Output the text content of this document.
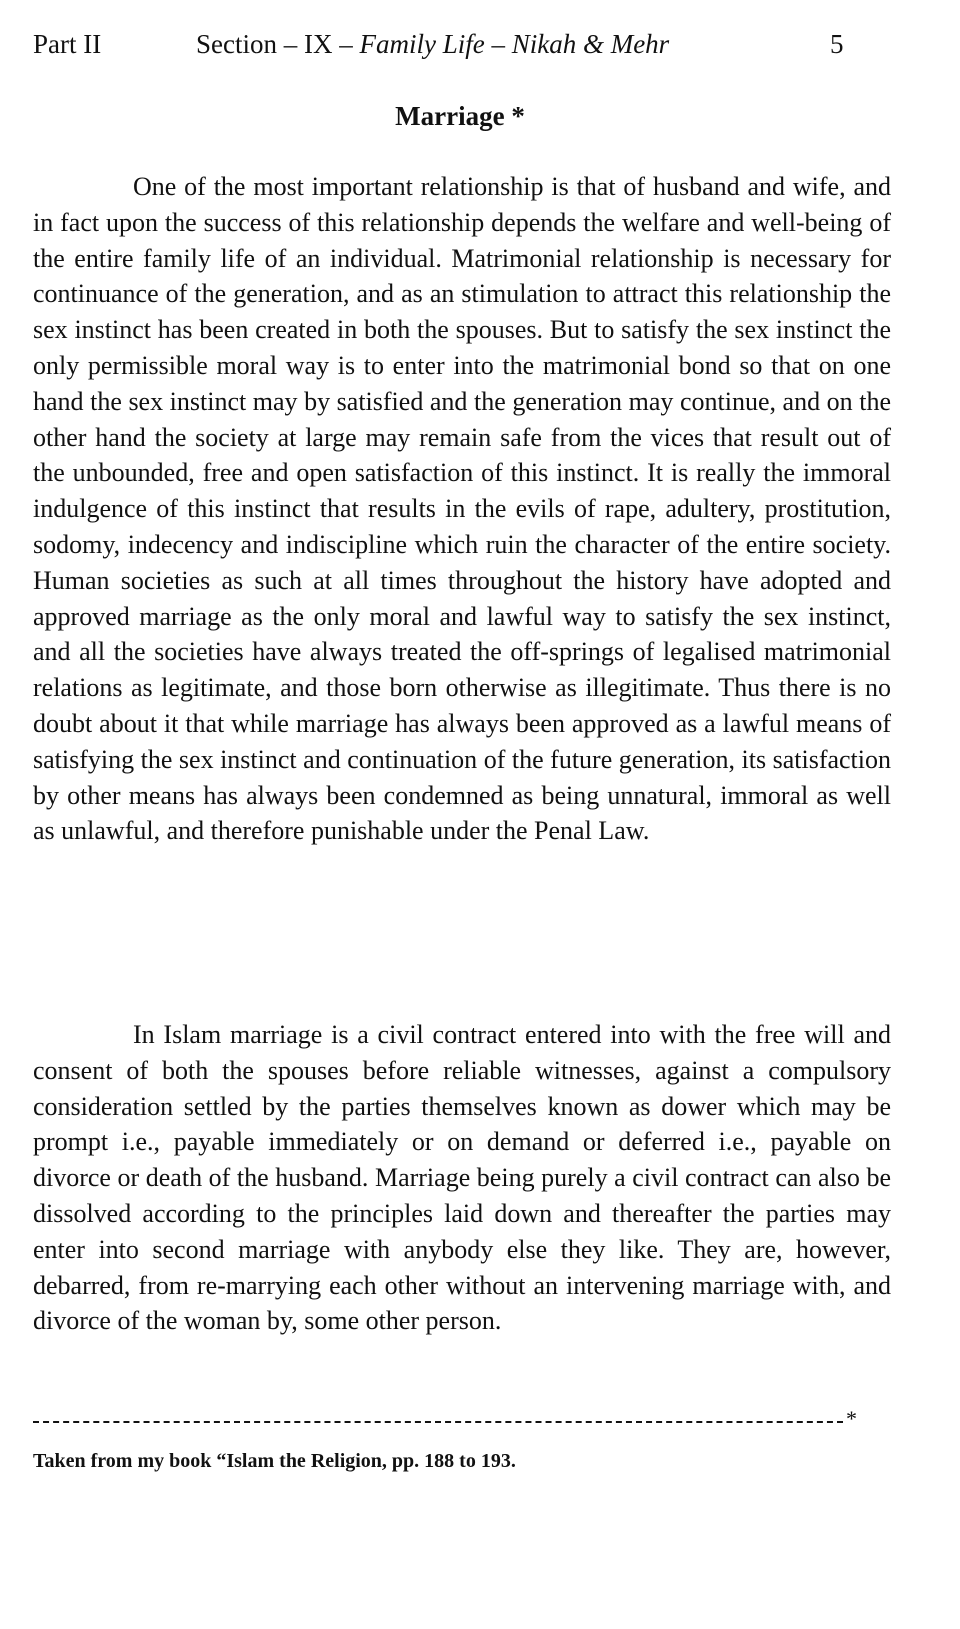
Part II	Section – IX – Family Life – Nikah & Mehr	5
Marriage *

One of the most important relationship is that of husband and wife, and in fact upon the success of this relationship depends the welfare and well-being of the entire family life of an individual. Matrimonial relationship is necessary for continuance of the generation, and as an stimulation to attract this relationship the sex instinct has been created in both the spouses. But to satisfy the sex instinct the only permissible moral way is to enter into the matrimonial bond so that on one hand the sex instinct may by satisfied and the generation may continue, and on the other hand the society at large may remain safe from the vices that result out of the unbounded, free and open satisfaction of this instinct. It is really the immoral indulgence of this instinct that results in the evils of rape, adultery, prostitution, sodomy, indecency and indiscipline which ruin the character of the entire society. Human societies as such at all times throughout the history have adopted and approved marriage as the only moral and lawful way to satisfy the sex instinct, and all the societies have always treated the off-springs of legalised matrimonial relations as legitimate, and those born otherwise as illegitimate. Thus there is no doubt about it that while marriage has always been approved as a lawful means of satisfying the sex instinct and continuation of the future generation, its satisfaction by other means has always been condemned as being unnatural, immoral as well as unlawful, and therefore punishable under the Penal Law.

In Islam marriage is a civil contract entered into with the free will and consent of both the spouses before reliable witnesses, against a compulsory consideration settled by the parties themselves known as dower which may be prompt i.e., payable immediately or on demand or deferred i.e., payable on divorce or death of the husband. Marriage being purely a civil contract can also be dissolved according to the principles laid down and thereafter the parties may enter into second marriage with anybody else they like. They are, however, debarred, from re-marrying each other without an intervening marriage with, and divorce of the woman by, some other person.

*
Taken from my book “Islam the Religion, pp. 188 to 193.
